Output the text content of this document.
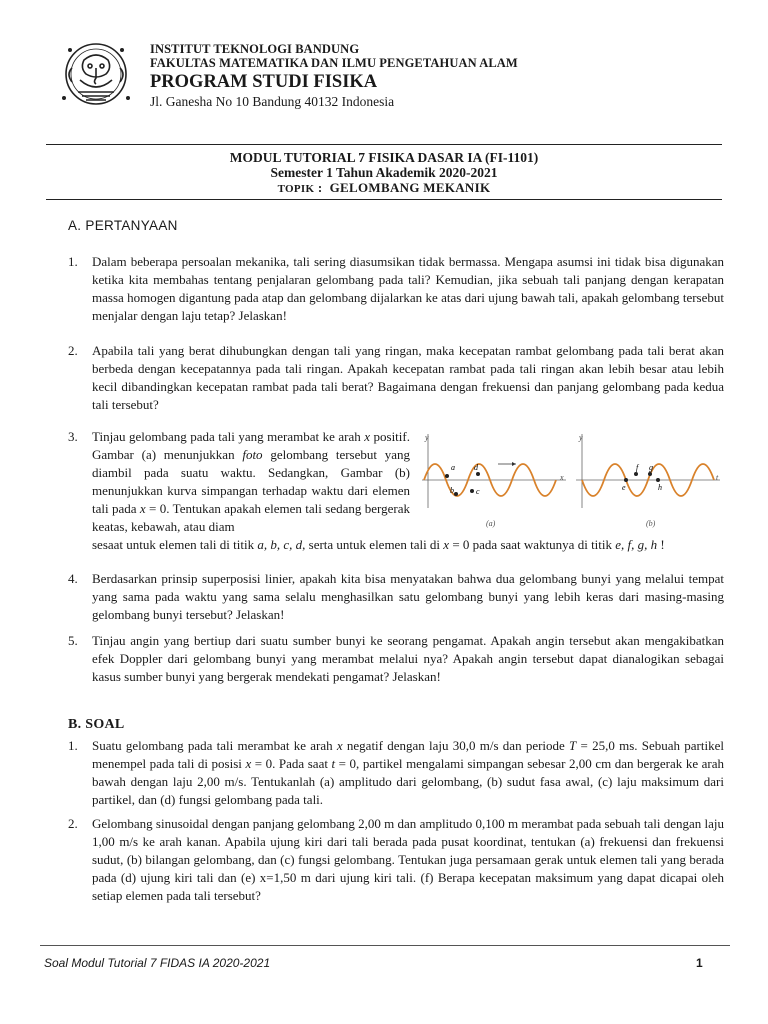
INSTITUT TEKNOLOGI BANDUNG
FAKULTAS MATEMATIKA DAN ILMU PENGETAHUAN ALAM
PROGRAM STUDI FISIKA
Jl. Ganesha No 10 Bandung 40132 Indonesia
MODUL TUTORIAL 7 FISIKA DASAR IA (FI-1101)
Semester 1 Tahun Akademik 2020-2021
TOPIK :  GELOMBANG MEKANIK
A. PERTANYAAN
1.	Dalam beberapa persoalan mekanika, tali sering diasumsikan tidak bermassa. Mengapa asumsi ini tidak bisa digunakan ketika kita membahas tentang penjalaran gelombang pada tali? Kemudian, jika sebuah tali panjang dengan kerapatan massa homogen digantung pada atap dan gelombang dijalarkan ke atas dari ujung bawah tali, apakah gelombang tersebut menjalar dengan laju tetap? Jelaskan!
2.	Apabila tali yang berat dihubungkan dengan tali yang ringan, maka kecepatan rambat gelombang pada tali berat akan berbeda dengan kecepatannya pada tali ringan. Apakah kecepatan rambat pada tali ringan akan lebih besar atau lebih kecil dibandingkan kecepatan rambat pada tali berat? Bagaimana dengan frekuensi dan panjang gelombang pada kedua tali tersebut?
3. Tinjau gelombang pada tali yang merambat ke arah x positif. Gambar (a) menunjukkan foto gelombang tersebut yang diambil pada suatu waktu. Sedangkan, Gambar (b) menunjukkan kurva simpangan terhadap waktu dari elemen tali pada x = 0. Tentukan apakah elemen tali sedang bergerak keatas, kebawah, atau diam
sesaat untuk elemen tali di titik a, b, c, d, serta untuk elemen tali di x = 0 pada saat waktunya di titik e, f, g, h !
y
x
a
b	c
d
(a)
y
t
e
f g
h
(b)
4.	Berdasarkan prinsip superposisi linier, apakah kita bisa menyatakan bahwa dua gelombang bunyi yang melalui tempat yang sama pada waktu yang sama selalu menghasilkan satu gelombang bunyi yang lebih keras dari masing-masing gelombang bunyi tersebut? Jelaskan!
5.	Tinjau angin yang bertiup dari suatu sumber bunyi ke seorang pengamat. Apakah angin tersebut akan mengakibatkan efek Doppler dari gelombang bunyi yang merambat melalui nya? Apakah angin tersebut dapat dianalogikan sebagai kasus sumber bunyi yang bergerak mendekati pengamat? Jelaskan!
B. SOAL
1.	Suatu gelombang pada tali merambat ke arah x negatif dengan laju 30,0 m/s dan periode T = 25,0 ms. Sebuah partikel menempel pada tali di posisi x = 0. Pada saat t = 0, partikel mengalami simpangan sebesar 2,00 cm dan bergerak ke arah bawah dengan laju 2,00 m/s. Tentukanlah (a) amplitudo dari gelombang, (b) sudut fasa awal, (c) laju maksimum dari partikel, dan (d) fungsi gelombang pada tali.
2.	Gelombang sinusoidal dengan panjang gelombang 2,00 m dan amplitudo 0,100 m merambat pada sebuah tali dengan laju 1,00 m/s ke arah kanan. Apabila ujung kiri dari tali berada pada pusat koordinat, tentukan (a) frekuensi dan frekuensi sudut, (b) bilangan gelombang, dan (c) fungsi gelombang. Tentukan juga persamaan gerak untuk elemen tali yang berada pada (d) ujung kiri tali dan (e) x=1,50 m dari ujung kiri tali. (f) Berapa kecepatan maksimum yang dapat dicapai oleh setiap elemen pada tali tersebut?
Soal Modul Tutorial 7 FIDAS IA 2020-2021	1
